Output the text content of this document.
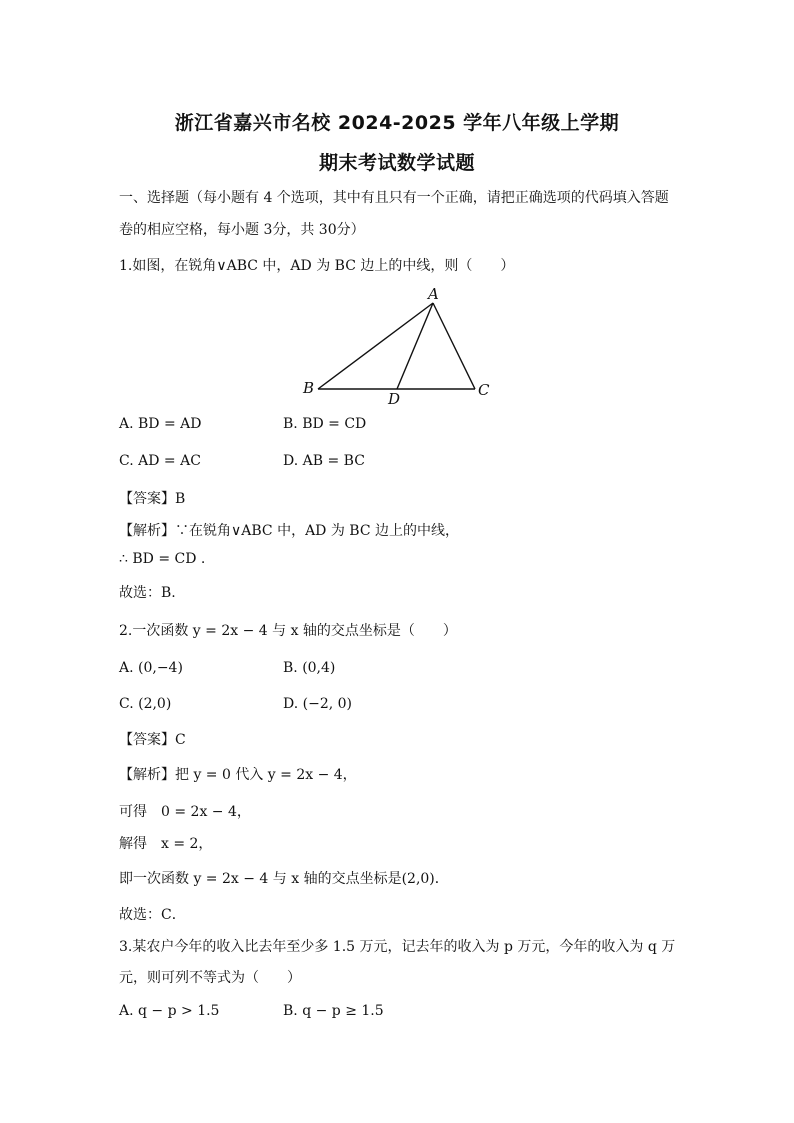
浙江省嘉兴市名校 2024-2025 学年八年级上学期
期末考试数学试题
一、选择题（每小题有 4 个选项，其中有且只有一个正确，请把正确选项的代码填入答题
卷的相应空格，每小题 3分，共 30分）
1.如图，在锐角∨ABC 中，AD 为 BC 边上的中线，则（　　）
A
B	C
D
A. BD = AD	B. BD = CD
C. AD = AC	D. AB = BC
【答案】B
【解析】∵在锐角∨ABC 中，AD 为 BC 边上的中线，
∴ BD = CD .
故选：B.
2.一次函数 y = 2x − 4 与 x 轴的交点坐标是（　　）
A. (0,−4)	B. (0,4)
C. (2,0)	D. (−2, 0)
【答案】C
【解析】把 y = 0 代入 y = 2x − 4，
可得　0 = 2x − 4，
解得　x = 2，
即一次函数 y = 2x − 4 与 x 轴的交点坐标是(2,0)．
故选：C．
3.某农户今年的收入比去年至少多 1.5 万元，记去年的收入为 p 万元，今年的收入为 q 万
元，则可列不等式为（　　）
A. q − p > 1.5	B. q − p ≥ 1.5
